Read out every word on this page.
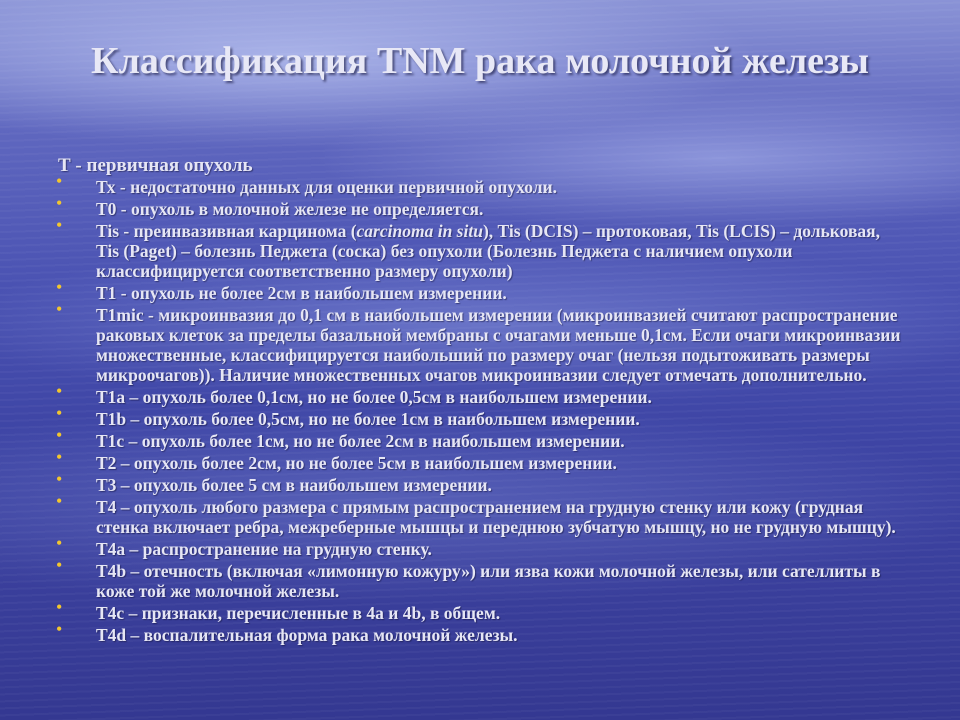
Классификация TNM рака молочной железы
Т - первичная опухоль
• Тх - недостаточно данных для оценки первичной опухоли.
• Т0 - опухоль в молочной железе не определяется.
• Tis - преинвазивная карцинома (carcinoma in situ), Tis (DCIS) – протоковая, Tis (LCIS) – дольковая, Tis (Paget) – болезнь Педжета (соска) без опухоли (Болезнь Педжета с наличием опухоли классифицируется соответственно размеру опухоли)
• Т1 - опухоль не более 2см в наибольшем измерении.
• T1mic - микроинвазия до 0,1 см в наибольшем измерении (микроинвазией считают распространение раковых клеток за пределы базальной мембраны с очагами меньше 0,1см. Если очаги микроинвазии множественные, классифицируется наибольший по размеру очаг (нельзя подытоживать размеры микроочагов)). Наличие множественных очагов микроинвазии следует отмечать дополнительно.
• T1a – опухоль более 0,1см, но не более 0,5см в наибольшем измерении.
• T1b – опухоль более 0,5см, но не более 1см в наибольшем измерении.
• T1c – опухоль более 1см, но не более 2см в наибольшем измерении.
• T2 – опухоль более 2см, но не более 5см в наибольшем измерении.
• T3 – опухоль более 5 см в наибольшем измерении.
• T4 – опухоль любого размера с прямым распространением на грудную стенку или кожу (грудная стенка включает ребра, межреберные мышцы и переднюю зубчатую мышцу, но не грудную мышцу).
• T4a – распространение на грудную стенку.
• T4b – отечность (включая «лимонную кожуру») или язва кожи молочной железы, или сателлиты в коже той же молочной железы.
• T4c – признаки, перечисленные в 4а и 4b, в общем.
• T4d – воспалительная форма рака молочной железы.
